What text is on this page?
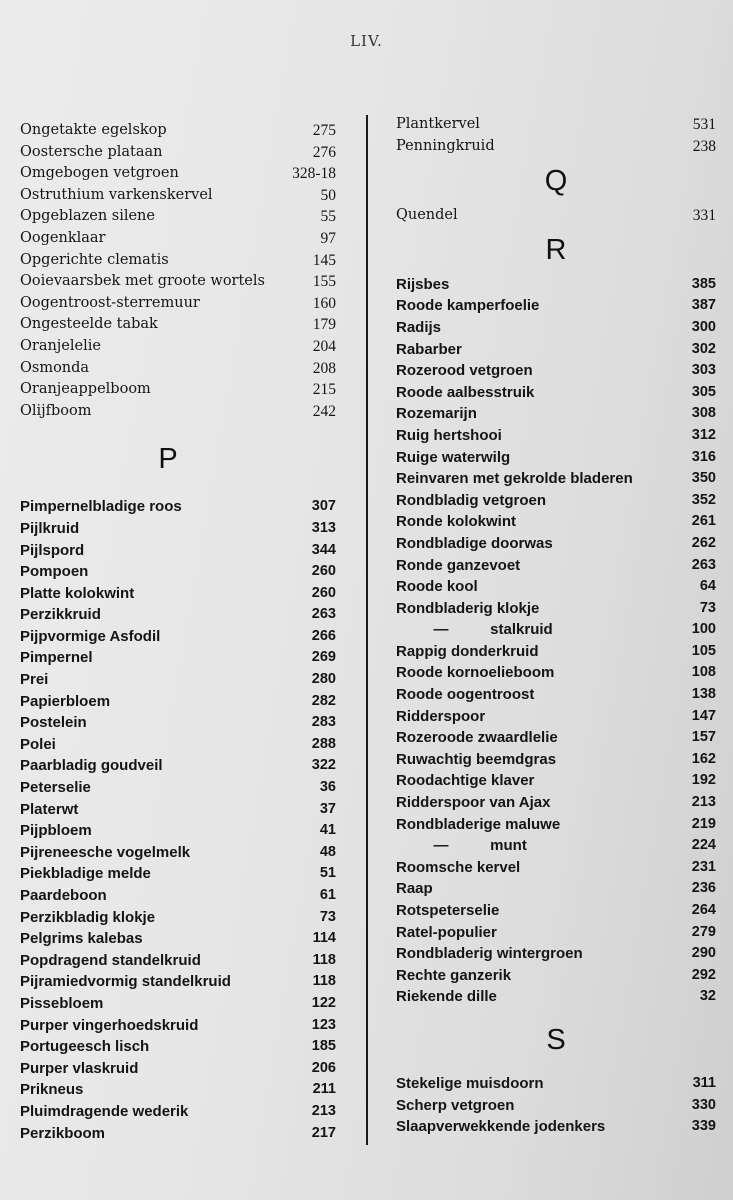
LIV.
Ongetakte egelskop	275
Oostersche plataan	276
Omgebogen vetgroen	328-18
Ostruthium varkenskervel	50
Opgeblazen silene	55
Oogenklaar	97
Opgerichte clematis	145
Ooievaarsbek met groote wortels	155
Oogentroost-sterremuur	160
Ongesteelde tabak	179
Oranjelelie	204
Osmonda	208
Oranjeappelboom	215
Olijfboom	242
P
Pimpernelbladige roos	307
Pijlkruid	313
Pijlspord	344
Pompoen	260
Platte kolokwint	260
Perzikkruid	263
Pijpvormige Asfodil	266
Pimpernel	269
Prei	280
Papierbloem	282
Postelein	283
Polei	288
Paarbladig goudveil	322
Peterselie	36
Platerwt	37
Pijpbloem	41
Pijreneesche vogelmelk	48
Piekbladige melde	51
Paardeboon	61
Perzikbladig klokje	73
Pelgrims kalebas	114
Popdragend standelkruid	118
Pijramiedvormig standelkruid	118
Pissebloem	122
Purper vingerhoedskruid	123
Portugeesch lisch	185
Purper vlaskruid	206
Prikneus	211
Pluimdragende wederik	213
Perzikboom	217
Plantkervel	531
Penningkruid	238
Q
Quendel	331
R
Rijsbes	385
Roode kamperfoelie	387
Radijs	300
Rabarber	302
Rozerood vetgroen	303
Roode aalbesstruik	305
Rozemarijn	308
Ruig hertshooi	312
Ruige waterwilg	316
Reinvaren met gekrolde bladeren	350
Rondbladig vetgroen	352
Ronde kolokwint	261
Rondbladige doorwas	262
Ronde ganzevoet	263
Roode kool	64
Rondbladerig klokje	73
—          stalkruid	100
Rappig donderkruid	105
Roode kornoelieboom	108
Roode oogentroost	138
Ridderspoor	147
Rozeroode zwaardlelie	157
Ruwachtig beemdgras	162
Roodachtige klaver	192
Ridderspoor van Ajax	213
Rondbladerige maluwe	219
—          munt	224
Roomsche kervel	231
Raap	236
Rotspeterselie	264
Ratel-populier	279
Rondbladerig wintergroen	290
Rechte ganzerik	292
Riekende dille	32
S
Stekelige muisdoorn	311
Scherp vetgroen	330
Slaapverwekkende jodenkers	339
